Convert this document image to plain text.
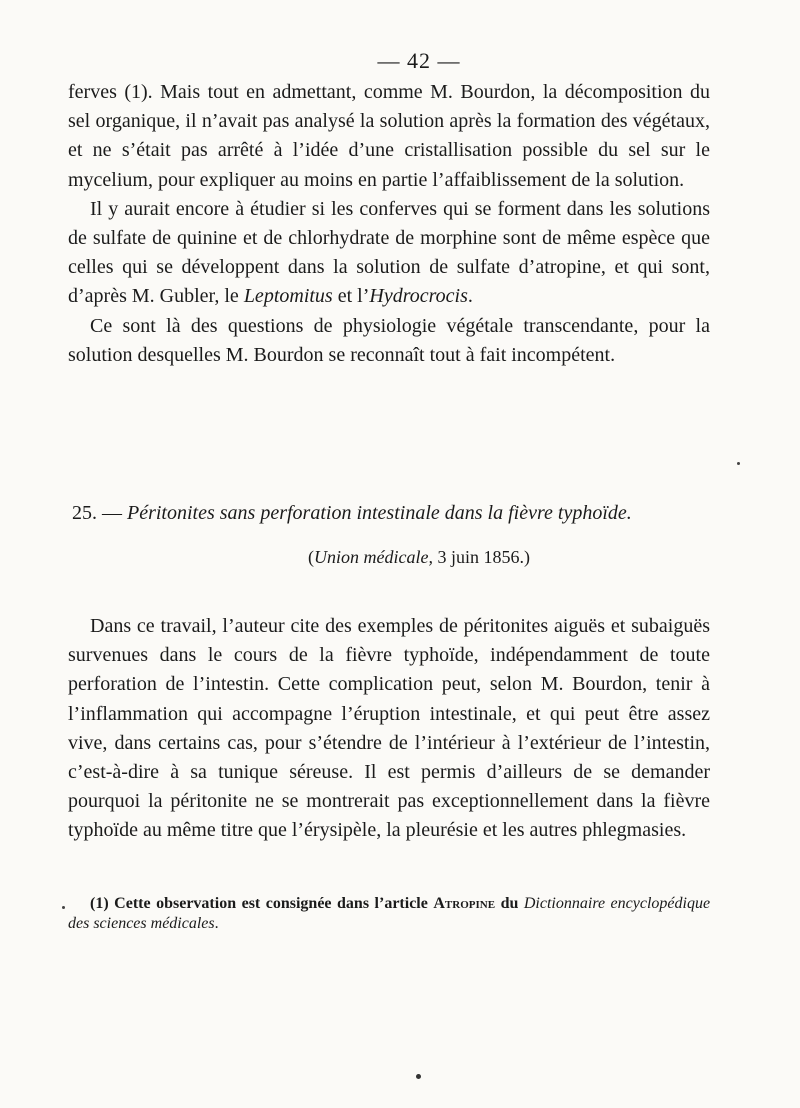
— 42 —

ferves (1). Mais tout en admettant, comme M. Bourdon, la décomposition du sel organique, il n’avait pas analysé la solution après la formation des végétaux, et ne s’était pas arrêté à l’idée d’une cristallisation possible du sel sur le mycelium, pour expliquer au moins en partie l’affaiblissement de la solution.

Il y aurait encore à étudier si les conferves qui se forment dans les solutions de sulfate de quinine et de chlorhydrate de morphine sont de même espèce que celles qui se développent dans la solution de sulfate d’atropine, et qui sont, d’après M. Gubler, le Leptomitus et l’Hydrocrocis.

Ce sont là des questions de physiologie végétale transcendante, pour la solution desquelles M. Bourdon se reconnaît tout à fait incompétent.

25. — Péritonites sans perforation intestinale dans la fièvre typhoïde.

(Union médicale, 3 juin 1856.)

Dans ce travail, l’auteur cite des exemples de péritonites aiguës et subaiguës survenues dans le cours de la fièvre typhoïde, indépendamment de toute perforation de l’intestin. Cette complication peut, selon M. Bourdon, tenir à l’inflammation qui accompagne l’éruption intestinale, et qui peut être assez vive, dans certains cas, pour s’étendre de l’intérieur à l’extérieur de l’intestin, c’est-à-dire à sa tunique séreuse. Il est permis d’ailleurs de se demander pourquoi la péritonite ne se montrerait pas exceptionnellement dans la fièvre typhoïde au même titre que l’érysipèle, la pleurésie et les autres phlegmasies.

(1) Cette observation est consignée dans l’article Atropine du Dictionnaire encyclopédique des sciences médicales.
